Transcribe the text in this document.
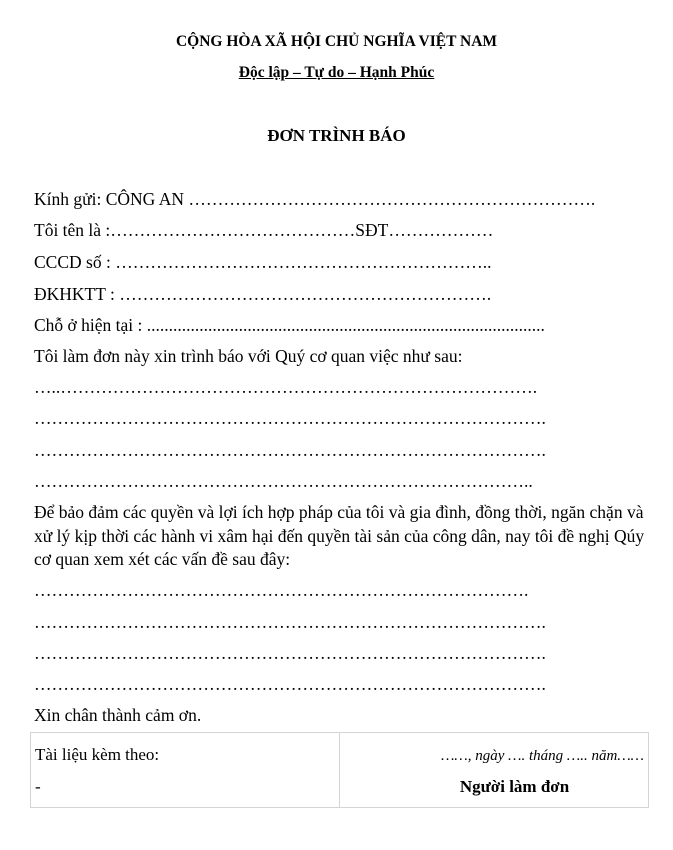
CỘNG HÒA XÃ HỘI CHỦ NGHĨA VIỆT NAM
Độc lập – Tự do – Hạnh Phúc
ĐƠN TRÌNH BÁO
Kính gửi: CÔNG AN …………………………………………………………….
Tôi tên là :……………………………………SĐT………………
CCCD số : ………………………………………………………..
ĐKHKTT : ……………………………………………………….
Chỗ ở hiện tại : ...........................................................................................
Tôi làm đơn này xin trình báo với Quý cơ quan việc như sau:
…..……………………………………………………………………….
…………………………………………………………………………….
…………………………………………………………………………….
…………………………………………………………………………..
Để bảo đảm các quyền và lợi ích hợp pháp của tôi và gia đình, đồng thời, ngăn chặn và xử lý kịp thời các hành vi xâm hại đến quyền tài sản của công dân, nay tôi đề nghị Qúy cơ quan xem xét các vấn đề sau đây:
………………………………………………………………………….
…………………………………………………………………………….
…………………………………………………………………………….
…………………………………………………………………………….
Xin chân thành cảm ơn.
Tài liệu kèm theo:
-
……, ngày …. tháng ….. năm……
Người làm đơn
